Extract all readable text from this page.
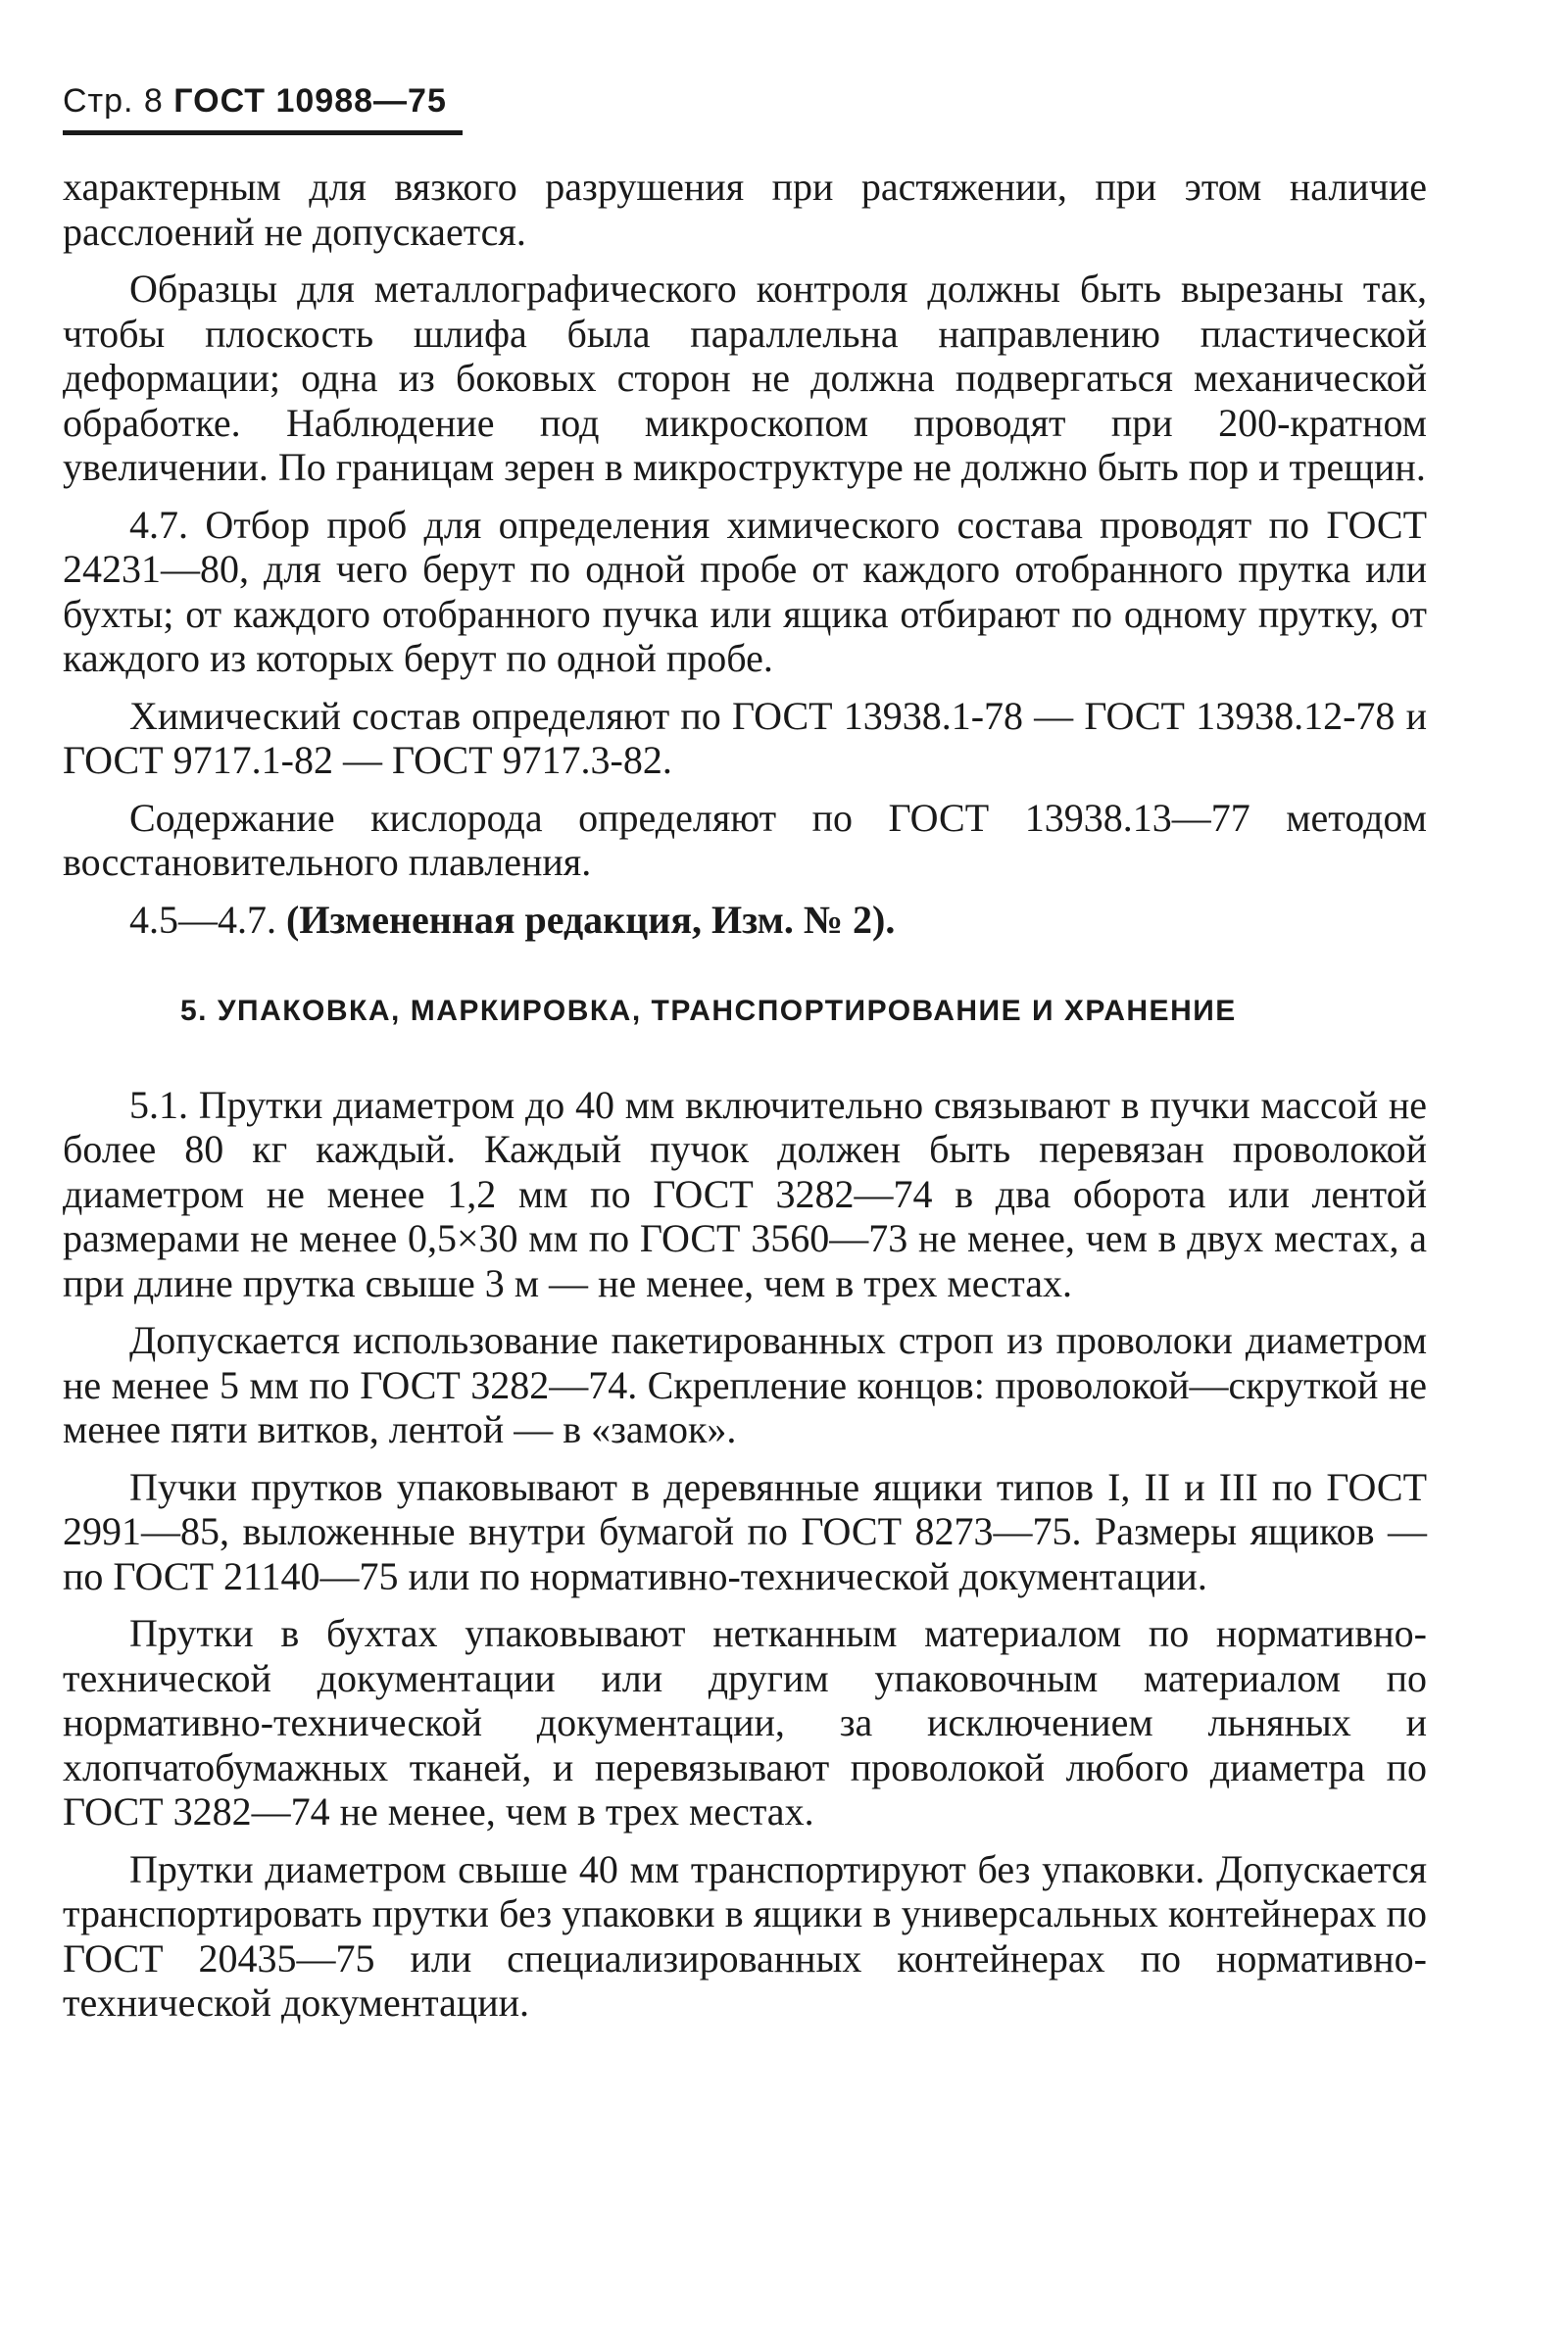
Стр. 8 ГОСТ 10988—75

характерным для вязкого разрушения при растяжении, при этом наличие расслоений не допускается.

Образцы для металлографического контроля должны быть вырезаны так, чтобы плоскость шлифа была параллельна направлению пластической деформации; одна из боковых сторон не должна подвергаться механической обработке. Наблюдение под микроскопом проводят при 200-кратном увеличении. По границам зерен в микроструктуре не должно быть пор и трещин.

4.7. Отбор проб для определения химического состава проводят по ГОСТ 24231—80, для чего берут по одной пробе от каждого отобранного прутка или бухты; от каждого отобранного пучка или ящика отбирают по одному прутку, от каждого из которых берут по одной пробе.

Химический состав определяют по ГОСТ 13938.1-78 — ГОСТ 13938.12-78 и ГОСТ 9717.1-82 — ГОСТ 9717.3-82.

Содержание кислорода определяют по ГОСТ 13938.13—77 методом восстановительного плавления.

4.5—4.7. (Измененная редакция, Изм. № 2).

5. УПАКОВКА, МАРКИРОВКА, ТРАНСПОРТИРОВАНИЕ И ХРАНЕНИЕ

5.1. Прутки диаметром до 40 мм включительно связывают в пучки массой не более 80 кг каждый. Каждый пучок должен быть перевязан проволокой диаметром не менее 1,2 мм по ГОСТ 3282—74 в два оборота или лентой размерами не менее 0,5×30 мм по ГОСТ 3560—73 не менее, чем в двух местах, а при длине прутка свыше 3 м — не менее, чем в трех местах.

Допускается использование пакетированных строп из проволоки диаметром не менее 5 мм по ГОСТ 3282—74. Скрепление концов: проволокой—скруткой не менее пяти витков, лентой — в «замок».

Пучки прутков упаковывают в деревянные ящики типов I, II и III по ГОСТ 2991—85, выложенные внутри бумагой по ГОСТ 8273—75. Размеры ящиков — по ГОСТ 21140—75 или по нормативно-технической документации.

Прутки в бухтах упаковывают нетканным материалом по нормативно-технической документации или другим упаковочным материалом по нормативно-технической документации, за исключением льняных и хлопчатобумажных тканей, и перевязывают проволокой любого диаметра по ГОСТ 3282—74 не менее, чем в трех местах.

Прутки диаметром свыше 40 мм транспортируют без упаковки. Допускается транспортировать прутки без упаковки в ящики в универсальных контейнерах по ГОСТ 20435—75 или специализированных контейнерах по нормативно-технической документации.
